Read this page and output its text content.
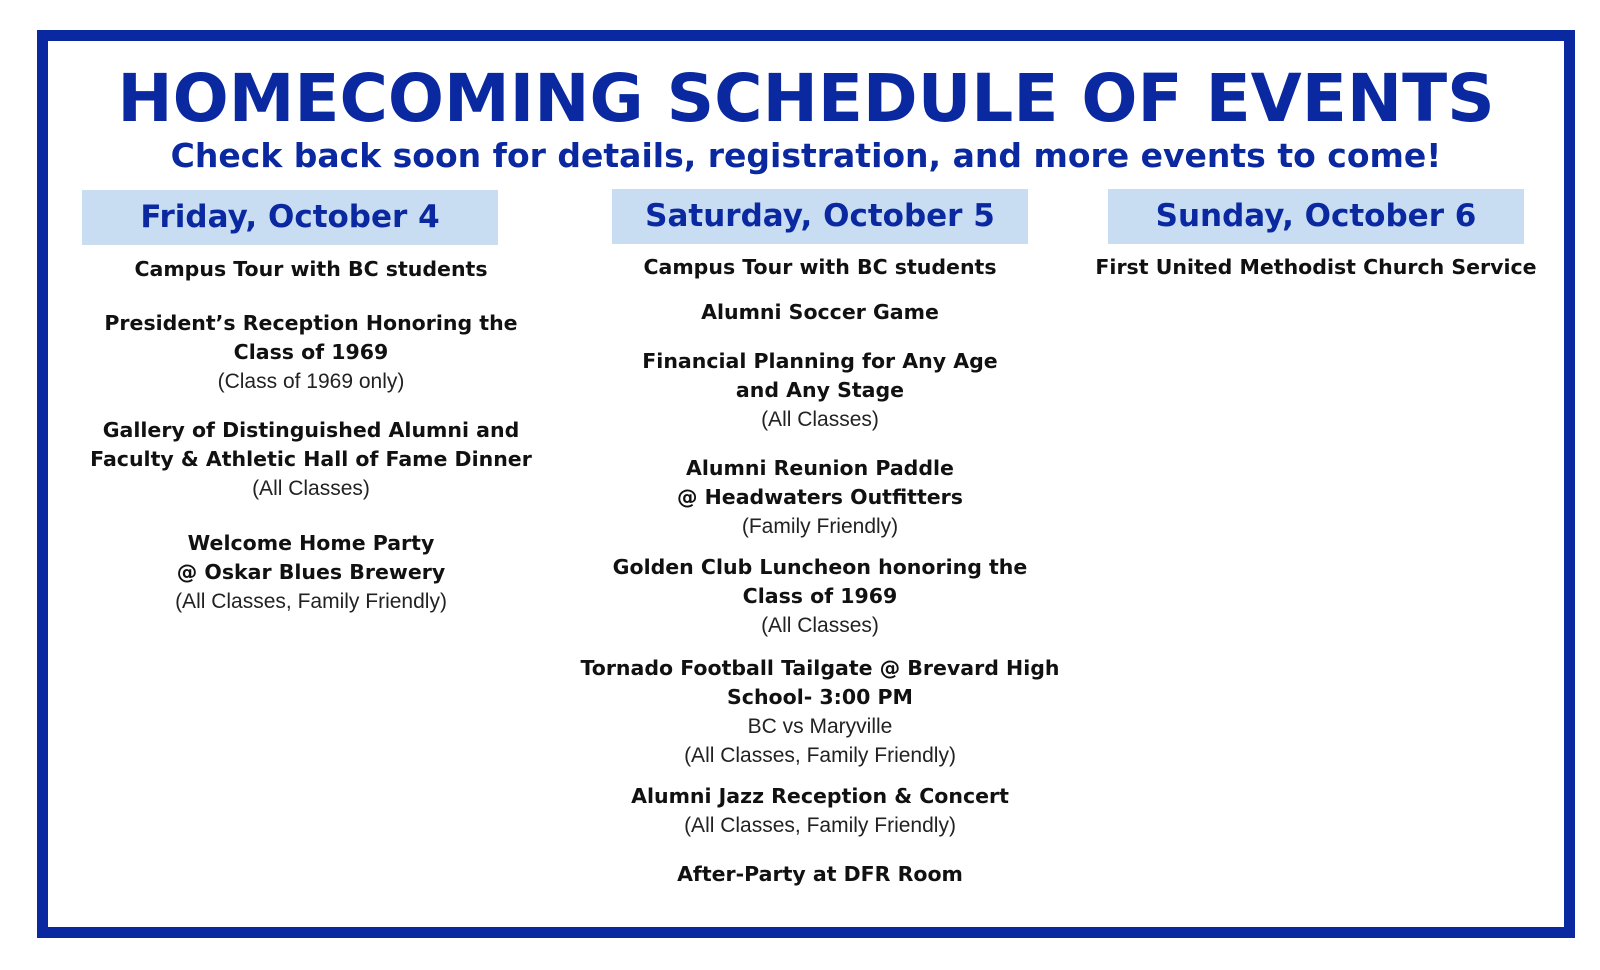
HOMECOMING SCHEDULE OF EVENTS
Check back soon for details, registration, and more events to come!
Friday, October 4
Campus Tour with BC students
President’s Reception Honoring the
Class of 1969
(Class of 1969 only)
Gallery of Distinguished Alumni and
Faculty & Athletic Hall of Fame Dinner
(All Classes)
Welcome Home Party
@ Oskar Blues Brewery
(All Classes, Family Friendly)
Saturday, October 5
Campus Tour with BC students
Alumni Soccer Game
Financial Planning for Any Age
and Any Stage
(All Classes)
Alumni Reunion Paddle
@ Headwaters Outfitters
(Family Friendly)
Golden Club Luncheon honoring the
Class of 1969
(All Classes)
Tornado Football Tailgate @ Brevard High
School- 3:00 PM
BC vs Maryville
(All Classes, Family Friendly)
Alumni Jazz Reception & Concert
(All Classes, Family Friendly)
After-Party at DFR Room
Sunday, October 6
First United Methodist Church Service
